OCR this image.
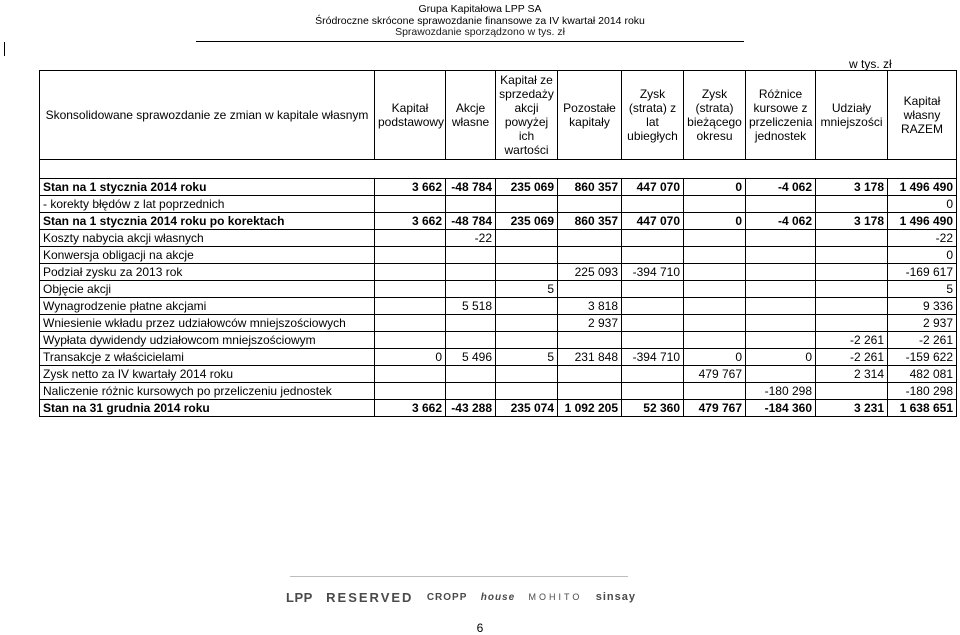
Grupa Kapitałowa LPP SA
Śródroczne skrócone sprawozdanie finansowe za IV kwartał 2014 roku
Sprawozdanie sporządzono w tys. zł
w tys. zł
Skonsolidowane sprawozdanie ze zmian w kapitale własnym	Kapitał podstawowy	Akcje własne	Kapitał ze sprzedaży akcji powyżej ich wartości	Pozostałe kapitały	Zysk (strata) z lat ubiegłych	Zysk (strata) bieżącego okresu	Różnice kursowe z przeliczenia jednostek	Udziały mniejszości	Kapitał własny RAZEM

Stan na 1 stycznia 2014 roku	3 662	-48 784	235 069	860 357	447 070	0	-4 062	3 178	1 496 490
- korekty błędów z lat poprzednich									0
Stan na 1 stycznia 2014 roku po korektach	3 662	-48 784	235 069	860 357	447 070	0	-4 062	3 178	1 496 490
Koszty nabycia akcji własnych		-22							-22
Konwersja obligacji na akcje									0
Podział zysku za 2013 rok				225 093	-394 710				-169 617
Objęcie akcji			5						5
Wynagrodzenie płatne akcjami		5 518		3 818					9 336
Wniesienie wkładu przez udziałowców mniejszościowych				2 937					2 937
Wypłata dywidendy udziałowcom mniejszościowym								-2 261	-2 261
Transakcje z właścicielami	0	5 496	5	231 848	-394 710	0	0	-2 261	-159 622
Zysk netto za IV kwartały 2014 roku						479 767		2 314	482 081
Naliczenie różnic kursowych po przeliczeniu jednostek							-180 298		-180 298
Stan na 31 grudnia 2014 roku	3 662	-43 288	235 074	1 092 205	52 360	479 767	-184 360	3 231	1 638 651
LPP RESERVED CROPP house MOHITO sinsay
6
